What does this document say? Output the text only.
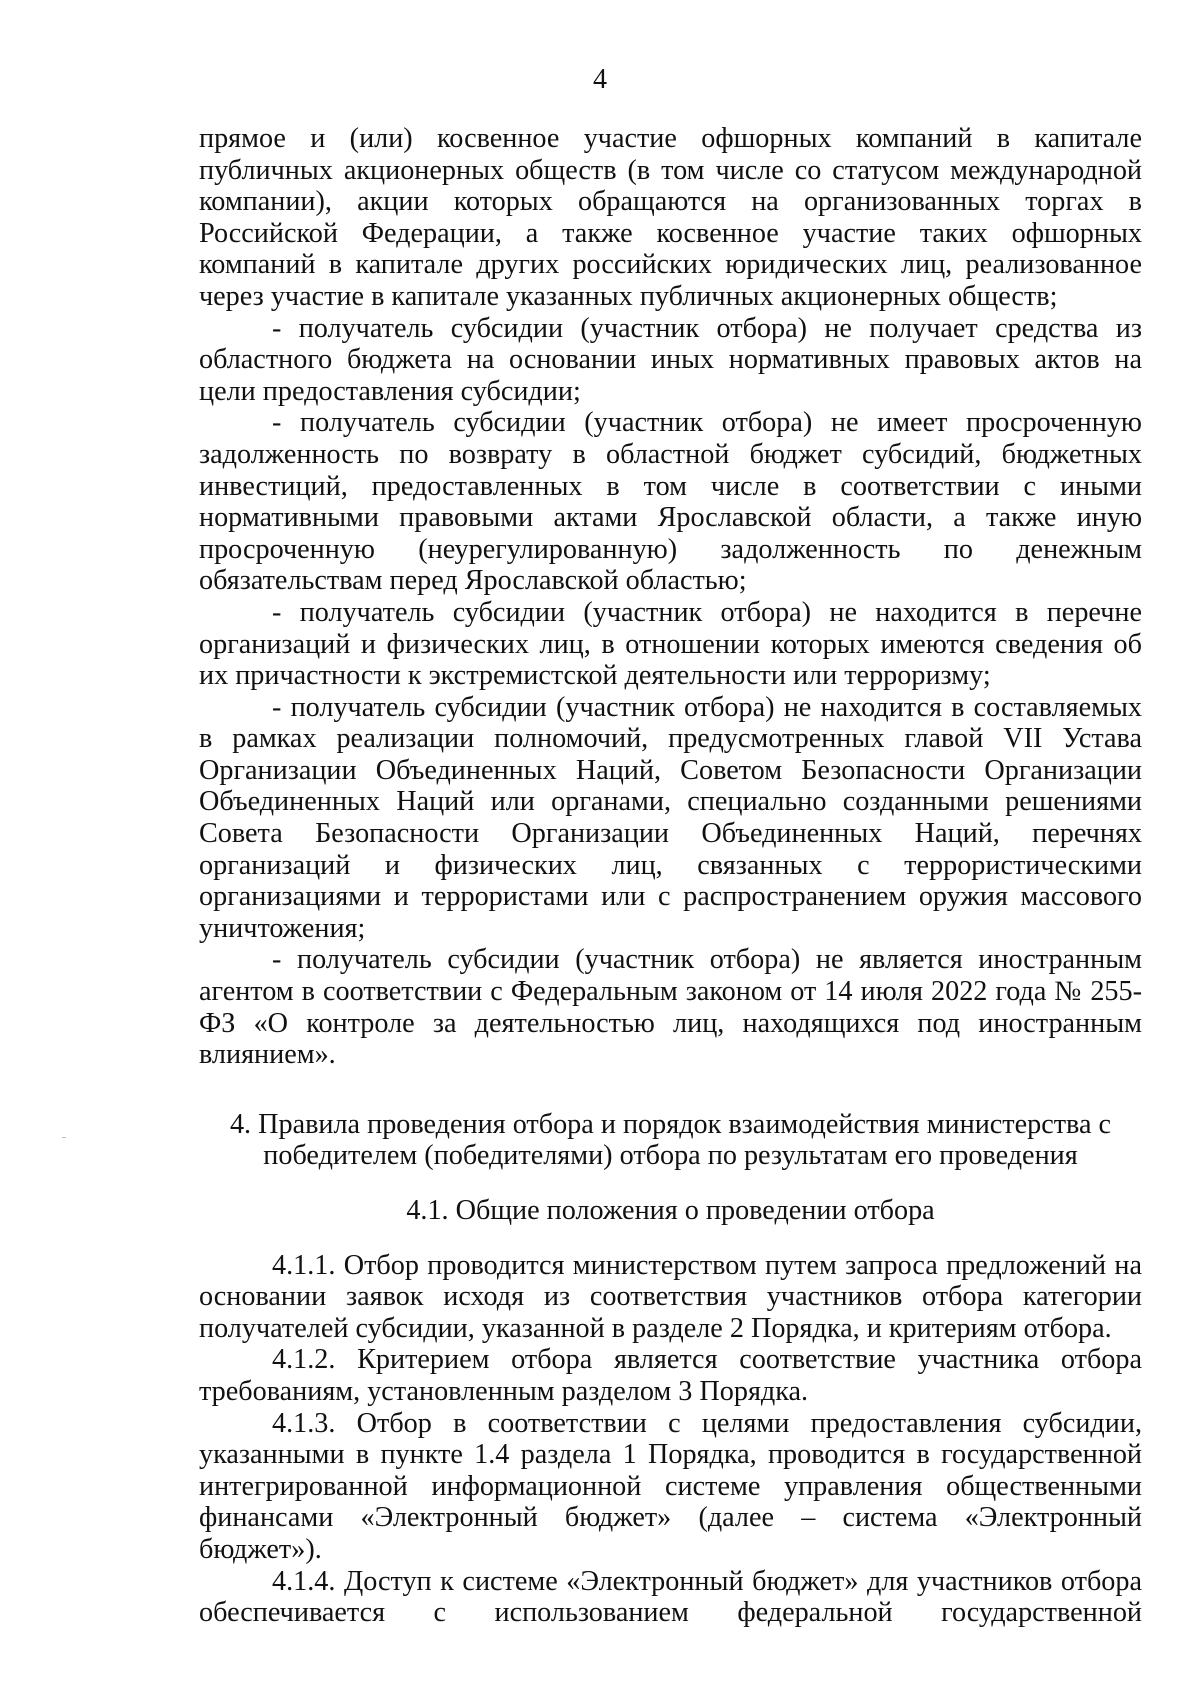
4

прямое и (или) косвенное участие офшорных компаний в капитале публичных акционерных обществ (в том числе со статусом международной компании), акции которых обращаются на организованных торгах в Российской Федерации, а также косвенное участие таких офшорных компаний в капитале других российских юридических лиц, реализованное через участие в капитале указанных публичных акционерных обществ;

- получатель субсидии (участник отбора) не получает средства из областного бюджета на основании иных нормативных правовых актов на цели предоставления субсидии;

- получатель субсидии (участник отбора) не имеет просроченную задолженность по возврату в областной бюджет субсидий, бюджетных инвестиций, предоставленных в том числе в соответствии с иными нормативными правовыми актами Ярославской области, а также иную просроченную (неурегулированную) задолженность по денежным обязательствам перед Ярославской областью;

- получатель субсидии (участник отбора) не находится в перечне организаций и физических лиц, в отношении которых имеются сведения об их причастности к экстремистской деятельности или терроризму;

- получатель субсидии (участник отбора) не находится в составляемых в рамках реализации полномочий, предусмотренных главой VII Устава Организации Объединенных Наций, Советом Безопасности Организации Объединенных Наций или органами, специально созданными решениями Совета Безопасности Организации Объединенных Наций, перечнях организаций и физических лиц, связанных с террористическими организациями и террористами или с распространением оружия массового уничтожения;

- получатель субсидии (участник отбора) не является иностранным агентом в соответствии с Федеральным законом от 14 июля 2022 года № 255- ФЗ «О контроле за деятельностью лиц, находящихся под иностранным влиянием».

4. Правила проведения отбора и порядок взаимодействия министерства с
победителем (победителями) отбора по результатам его проведения
4.1. Общие положения о проведении отбора

4.1.1. Отбор проводится министерством путем запроса предложений на основании заявок исходя из соответствия участников отбора категории получателей субсидии, указанной в разделе 2 Порядка, и критериям отбора.

4.1.2. Критерием отбора является соответствие участника отбора требованиям, установленным разделом 3 Порядка.

4.1.3. Отбор в соответствии с целями предоставления субсидии, указанными в пункте 1.4 раздела 1 Порядка, проводится в государственной интегрированной информационной системе управления общественными финансами «Электронный бюджет» (далее – система «Электронный бюджет»).

4.1.4. Доступ к системе «Электронный бюджет» для участников отбора обеспечивается с использованием федеральной государственной
